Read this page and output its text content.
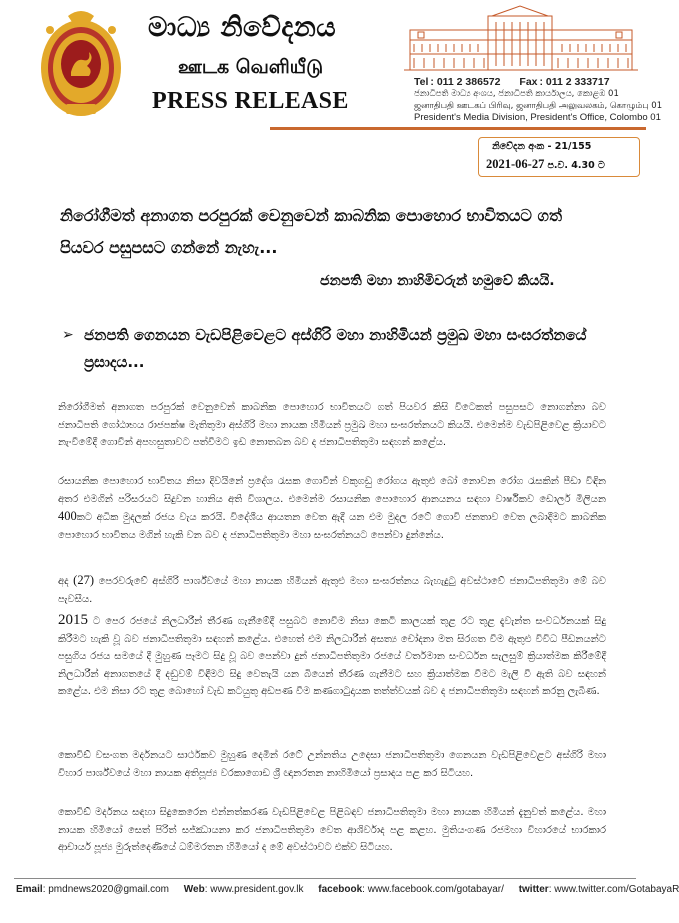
මාධ්‍ය නිවේදනය
ஊடக வெளியீடு
PRESS RELEASE
Tel : 011 2 386572 Fax : 011 2 333717
ජනාධිපති මාධ්‍ය අංශය, ජනාධිපති කාර්යාලය, කොළඹ 01
ஜனாதிபதி ஊடகப் பிரிவு, ஜனாதிபதி அலுவலகம், கொழும்பு 01
President's Media Division, President's Office, Colombo 01
නිවේදන අංක - 21/155
2021-06-27 ප.ව. 4.30 ට
නිරෝගීමත් අනාගත පරපුරක් වෙනුවෙන් කාබනික පොහොර භාවිතයට ගත් පියවර පසුපසට ගන්නේ නැහැ...
ජනපති මහා නාහිමිවරුන් හමුවේ කියයි.
➢ ජනපති ගෙනයන වැඩපිළිවෙළට අස්ගිරි මහා නාහිමියන් ප්‍රමුඛ මහා සංඝරත්නයේ ප්‍රසාදය...
නිරෝගීමත් අනාගත පරපුරක් වෙනුවෙන් කාබනික පොහොර භාවිතයට ගත් පියවර කිසි විටෙකත් පසුපසට නොගන්නා බව ජනාධිපති ගෝඨාභය රාජපක්ෂ මැතිතුමා අස්ගිරි මහා නායක හිමියන් ප්‍රමුඛ මහා සංඝරත්නයට කියයි. එමෙන්ම වැඩපිළිවෙළ ක්‍රියාවට නැංවීමේදී ගොවීන් අපහසුතාවට පත්වීමට ඉඩ නොතබන බව ද ජනාධිපතිතුමා සඳහන් කළේය.
රසායනික පොහොර භාවිතය නිසා දිවයිනේ ප්‍රදේශ රැසක ගොවීන් වකුගඩු රෝගය ඇතුළු බෝ නොවන රෝග රැසකින් පීඩා විඳින අතර එමගින් පරිසරයට සිදුවන හානිය අති විශාලය. එමෙන්ම රසායනික පොහොර ආනයනය සඳහා වාර්ෂිකව ඩොලර් මිලියන 400කට අධික මුදලක් රජය වැය කරයි. විදේශීය ආයතන වෙත ඇදී යන එම මුදල රටේ ගොවි ජනතාව වෙත ලබාදීමට කාබනික පොහොර භාවිතය මගින් හැකි වන බව ද ජනාධිපතිතුමා මහා සංඝරත්නයට පෙන්වා දුන්නේය.
අද (27) පෙරවරුවේ අස්ගිරි පාර්ශ්වයේ මහා නායක හිමියන් ඇතුළු මහා සංඝරත්නය බැහැදුටු අවස්ථාවේ ජනාධිපතිතුමා මේ බව පැවසීය.
2015 ට පෙර රජයේ නිලධාරීන් තීරණ ගැනීමේදී පසුබට නොවීම නිසා කෙටි කාලයක් තුළ රට තුළ දැවැන්ත සංවර්ධනයක් සිදු කිරීමට හැකි වූ බව ජනාධිපතිතුමා සඳහන් කළේය. එහෙත් එම නිලධාරීන් අසත්‍ය චෝදනා මත සිරගත වීම ඇතුළු විවිධ පීඩනයන්ට පසුගිය රජය සමයේ දී මුහුණ පෑමට සිදු වූ බව පෙන්වා දුන් ජනාධිපතිතුමා රජයේ වර්තමාන සංවර්ධන සැලසුම් ක්‍රියාත්මක කිරීමේදී නිලධාරීන් අනාගතයේ දී දඬුවම් විඳීමට සිදු වෙතැයි යන බියෙන් තීරණ ගැනීමට සහ ක්‍රියාත්මක වීමට මැලි වී ඇති බව සඳහන් කළේය. එම නිසා රට තුළ බොහෝ වැඩ කටයුතු අඩපණ වීම කණගාටුදායක තත්ත්වයක් බව ද ජනාධිපතිතුමා සඳහන් කරනු ලැබීණ.
කොවිඩ් වසංගත මර්දනයට සාර්ථකව මුහුණ දෙමින් රටේ උන්නතිය උදෙසා ජනාධිපතිතුමා ගෙනයන වැඩපිළිවෙළට අස්ගිරි මහා විහාර පාර්ශ්වයේ මහා නායක අතිපූජ්‍ය වරකාගොඩ ශ්‍රී ඥානරතන නාහිමියෝ ප්‍රසාදය පළ කර සිටියහ.
කොවිඩ් මර්දනය සඳහා සිදුකෙරෙන එන්නත්කරණ වැඩපිළිවෙළ පිළිබඳව ජනාධිපතිතුමා මහා නායක හිමියන් දැනුවත් කළේය. මහා නායක හිමියෝ සෙත් පිරිත් සජ්ඣායනා කර ජනාධිපතිතුමා වෙත ආශිර්වාද පළ කළහ. මුතියංගණ රජමහා විහාරයේ භාරකාර ආචාර්ය පූජ්‍ය මුරුත්දෙණියේ ධම්මරතන හිමියෝ ද මේ අවස්ථාවට එක්ව සිටියහ.
Email: pmdnews2020@gmail.com Web: www.president.gov.lk facebook: www.facebook.com/gotabayar/ twitter: www.twitter.com/GotabayaR
